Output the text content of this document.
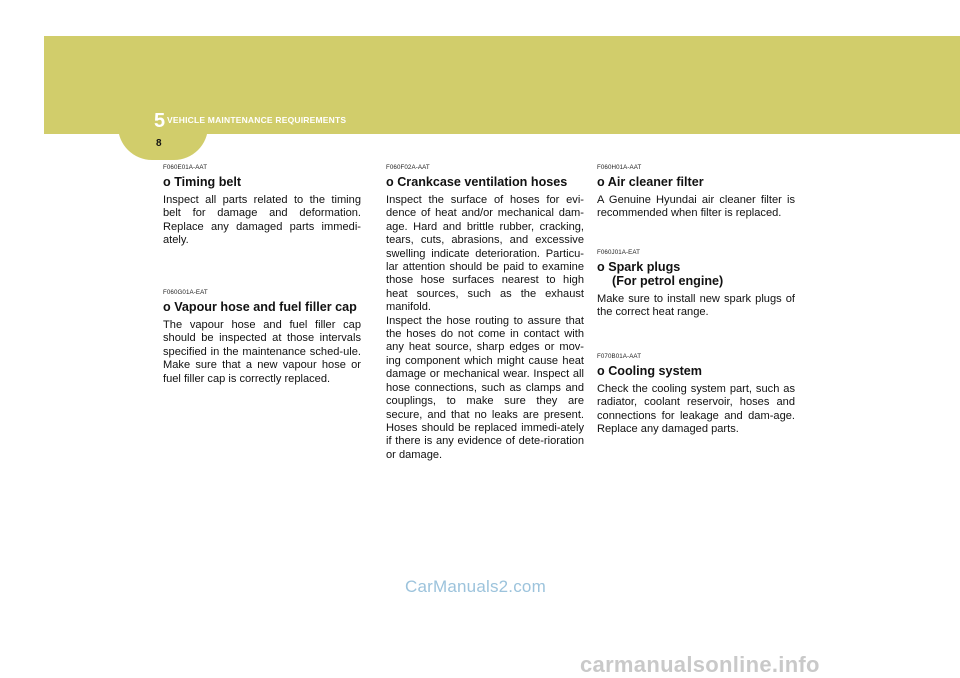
5 VEHICLE MAINTENANCE REQUIREMENTS
8
F060E01A-AAT
o Timing belt
Inspect all parts related to the timing belt for damage and deformation. Replace any damaged parts immedi-ately.
F060G01A-EAT
o Vapour hose and fuel filler cap
The vapour hose and fuel filler cap should be inspected at those intervals specified in the maintenance sched-ule. Make sure that a new vapour hose or fuel filler cap is correctly replaced.
F060F02A-AAT
o Crankcase ventilation hoses
Inspect the surface of hoses for evi-dence of heat and/or mechanical dam-age. Hard and brittle rubber, cracking, tears, cuts, abrasions, and excessive swelling indicate deterioration. Particu-lar attention should be paid to examine those hose surfaces nearest to high heat sources, such as the exhaust manifold.
Inspect the hose routing to assure that the hoses do not come in contact with any heat source, sharp edges or mov-ing component which might cause heat damage or mechanical wear. Inspect all hose connections, such as clamps and couplings, to make sure they are secure, and that no leaks are present. Hoses should be replaced immedi-ately if there is any evidence of dete-rioration or damage.
F060H01A-AAT
o Air cleaner filter
A Genuine Hyundai air cleaner filter is recommended when filter is replaced.
F060J01A-EAT
o Spark plugs
(For petrol engine)
Make sure to install new spark plugs of the correct heat range.
F070B01A-AAT
o Cooling system
Check the cooling system part, such as radiator, coolant reservoir, hoses and connections for leakage and dam-age. Replace any damaged parts.
CarManuals2.com
carmanualsonline.info
